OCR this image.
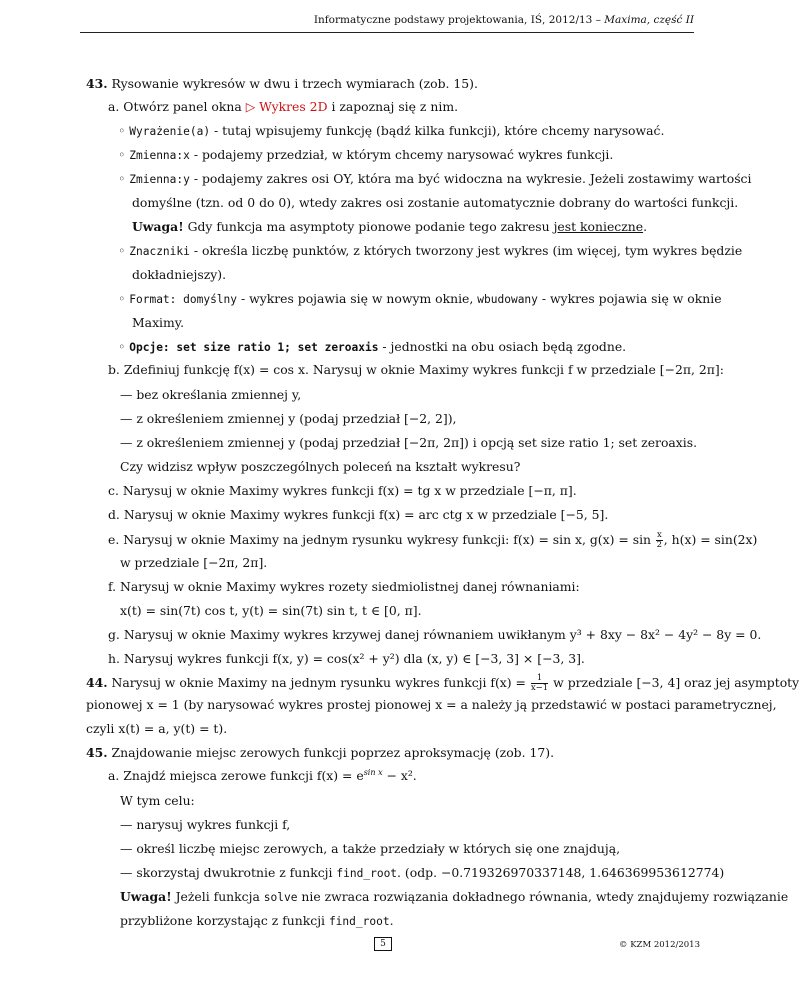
Informatyczne podstawy projektowania, IŚ, 2012/13 – Maxima, część II
43. Rysowanie wykresów w dwu i trzech wymiarach (zob. 15).
a. Otwórz panel okna ▷ Wykres 2D i zapoznaj się z nim.
◦ Wyrażenie(a) - tutaj wpisujemy funkcję (bądź kilka funkcji), które chcemy narysować.
◦ Zmienna:x - podajemy przedział, w którym chcemy narysować wykres funkcji.
◦ Zmienna:y - podajemy zakres osi OY, która ma być widoczna na wykresie. Jeżeli zostawimy wartości
domyślne (tzn. od 0 do 0), wtedy zakres osi zostanie automatycznie dobrany do wartości funkcji.
Uwaga! Gdy funkcja ma asymptoty pionowe podanie tego zakresu jest konieczne.
◦ Znaczniki - określa liczbę punktów, z których tworzony jest wykres (im więcej, tym wykres będzie
dokładniejszy).
◦ Format: domyślny - wykres pojawia się w nowym oknie, wbudowany - wykres pojawia się w oknie
Maximy.
◦ Opcje: set size ratio 1; set zeroaxis - jednostki na obu osiach będą zgodne.
b. Zdefiniuj funkcję f(x) = cos x. Narysuj w oknie Maximy wykres funkcji f w przedziale [−2π, 2π]:
— bez określania zmiennej y,
— z określeniem zmiennej y (podaj przedział [−2, 2]),
— z określeniem zmiennej y (podaj przedział [−2π, 2π]) i opcją set size ratio 1; set zeroaxis.
Czy widzisz wpływ poszczególnych poleceń na kształt wykresu?
c. Narysuj w oknie Maximy wykres funkcji f(x) = tg x w przedziale [−π, π].
d. Narysuj w oknie Maximy wykres funkcji f(x) = arc ctg x w przedziale [−5, 5].
e. Narysuj w oknie Maximy na jednym rysunku wykresy funkcji: f(x) = sin x, $g(x) = \sin \frac{x}{2}$ , h(x) = sin(2x)
w przedziale [−2π, 2π].
f. Narysuj w oknie Maximy wykres rozety siedmiolistnej danej równaniami:
x(t) = sin(7t) cos t, y(t) = sin(7t) sin t, t ∈ [0, π].
g. Narysuj w oknie Maximy wykres krzywej danej równaniem uwikłanym y³ + 8xy − 8x² − 4y² − 8y = 0.
h. Narysuj wykres funkcji f(x, y) = cos(x² + y²) dla (x, y) ∈ [−3, 3] × [−3, 3].
44. Narysuj w oknie Maximy na jednym rysunku wykres funkcji $f(x) = \frac{1}{x-1}$ w przedziale [−3, 4] oraz jej asymptoty
pionowej x = 1 (by narysować wykres prostej pionowej x = a należy ją przedstawić w postaci parametrycznej,
czyli x(t) = a, y(t) = t).
45. Znajdowanie miejsc zerowych funkcji poprzez aproksymację (zob. 17).
a. Znajdź miejsca zerowe funkcji $f(x) = e^{sin x} - x^2$.
W tym celu:
— narysuj wykres funkcji f,
— określ liczbę miejsc zerowych, a także przedziały w których się one znajdują,
— skorzystaj dwukrotnie z funkcji find_root. (odp. −0.719326970337148, 1.646369953612774)
Uwaga! Jeżeli funkcja solve nie zwraca rozwiązania dokładnego równania, wtedy znajdujemy rozwiązanie
przybliżone korzystając z funkcji find_root.
5	© KZM 2012/2013
